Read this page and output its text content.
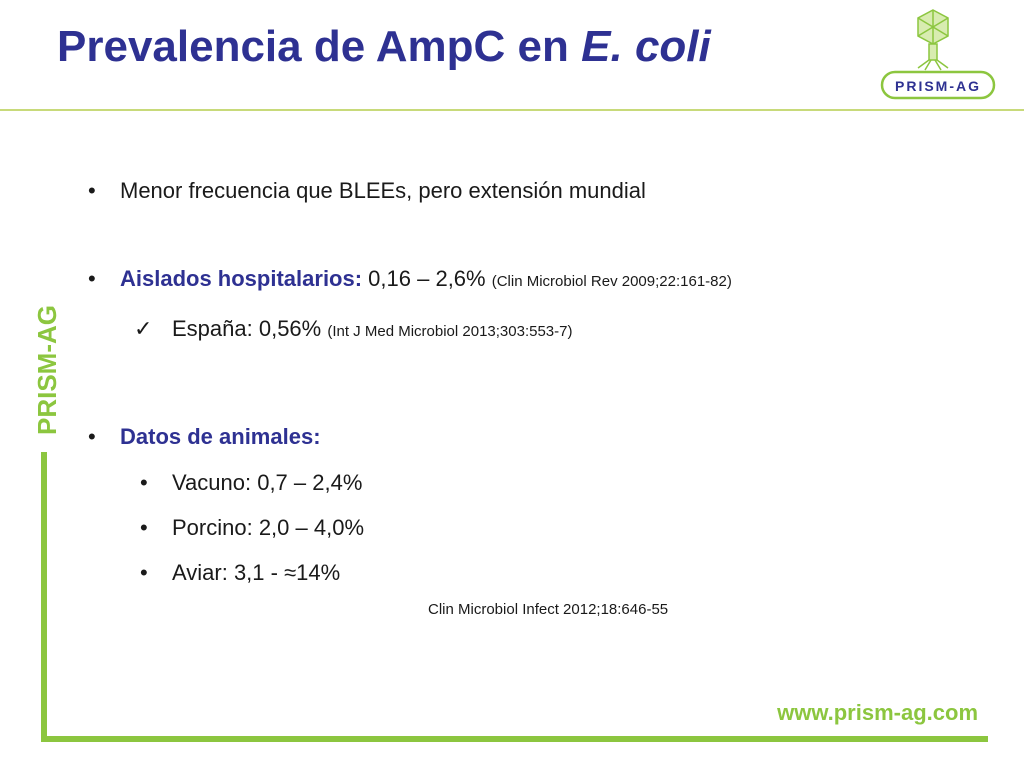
Prevalencia de AmpC en E. coli
PRISM-AG
PRISM-AG
• Menor frecuencia que BLEEs, pero extensión mundial
• Aislados hospitalarios: 0,16 – 2,6% (Clin Microbiol Rev 2009;22:161-82)
✓ España: 0,56% (Int J Med Microbiol 2013;303:553-7)
• Datos de animales:
• Vacuno: 0,7 – 2,4%
• Porcino: 2,0 – 4,0%
• Aviar: 3,1 - ≈14%
Clin Microbiol Infect 2012;18:646-55
www.prism-ag.com
